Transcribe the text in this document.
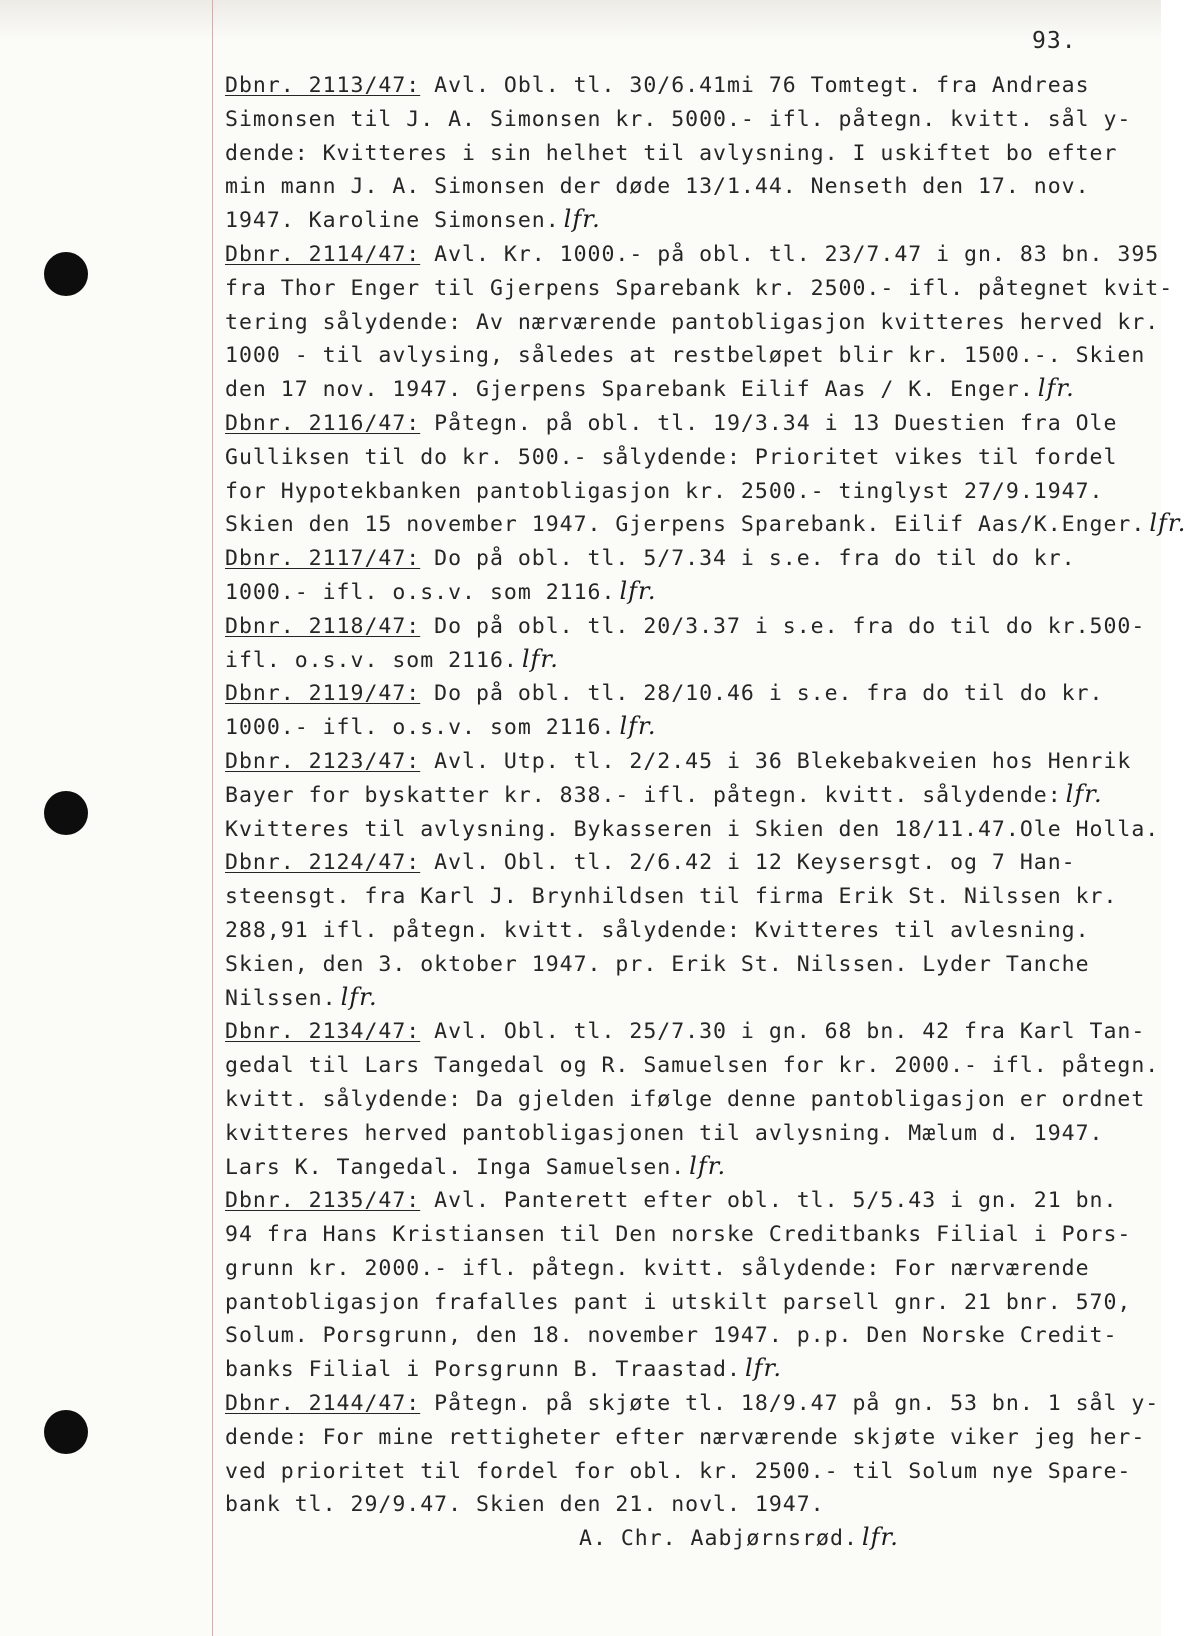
93.
Dbnr. 2113/47: Avl. Obl. tl. 30/6.41mi 76 Tomtegt. fra Andreas
Simonsen til J. A. Simonsen kr. 5000.- ifl. påtegn. kvitt. sål y-
dende: Kvitteres i sin helhet til avlysning. I uskiftet bo efter
min mann J. A. Simonsen der døde 13/1.44. Nenseth den 17. nov.
1947. Karoline Simonsen. lfr.
Dbnr. 2114/47: Avl. Kr. 1000.- på obl. tl. 23/7.47 i gn. 83 bn. 395
fra Thor Enger til Gjerpens Sparebank kr. 2500.- ifl. påtegnet kvit-
tering sålydende: Av nærværende pantobligasjon kvitteres herved kr.
1000 - til avlysing, således at restbeløpet blir kr. 1500.-. Skien
den 17 nov. 1947. Gjerpens Sparebank Eilif Aas / K. Enger. lfr.
Dbnr. 2116/47: Påtegn. på obl. tl. 19/3.34 i 13 Duestien fra Ole
Gulliksen til do kr. 500.- sålydende: Prioritet vikes til fordel
for Hypotekbanken pantobligasjon kr. 2500.- tinglyst 27/9.1947.
Skien den 15 november 1947. Gjerpens Sparebank. Eilif Aas/K.Enger. lfr.
Dbnr. 2117/47: Do på obl. tl. 5/7.34 i s.e. fra do til do kr.
1000.- ifl. o.s.v. som 2116. lfr.
Dbnr. 2118/47: Do på obl. tl. 20/3.37 i s.e. fra do til do kr.500-
ifl. o.s.v. som 2116. lfr.
Dbnr. 2119/47: Do på obl. tl. 28/10.46 i s.e. fra do til do kr.
1000.- ifl. o.s.v. som 2116. lfr.
Dbnr. 2123/47: Avl. Utp. tl. 2/2.45 i 36 Blekebakveien hos Henrik
Bayer for byskatter kr. 838.- ifl. påtegn. kvitt. sålydende: lfr.
Kvitteres til avlysning. Bykasseren i Skien den 18/11.47.Ole Holla.
Dbnr. 2124/47: Avl. Obl. tl. 2/6.42 i 12 Keysersgt. og 7 Han-
steensgt. fra Karl J. Brynhildsen til firma Erik St. Nilssen kr.
288,91 ifl. påtegn. kvitt. sålydende: Kvitteres til avlesning.
Skien, den 3. oktober 1947. pr. Erik St. Nilssen. Lyder Tanche
Nilssen. lfr.
Dbnr. 2134/47: Avl. Obl. tl. 25/7.30 i gn. 68 bn. 42 fra Karl Tan-
gedal til Lars Tangedal og R. Samuelsen for kr. 2000.- ifl. påtegn.
kvitt. sålydende: Da gjelden ifølge denne pantobligasjon er ordnet
kvitteres herved pantobligasjonen til avlysning. Mælum d. 1947.
Lars K. Tangedal. Inga Samuelsen. lfr.
Dbnr. 2135/47: Avl. Panterett efter obl. tl. 5/5.43 i gn. 21 bn.
94 fra Hans Kristiansen til Den norske Creditbanks Filial i Pors-
grunn kr. 2000.- ifl. påtegn. kvitt. sålydende: For nærværende
pantobligasjon frafalles pant i utskilt parsell gnr. 21 bnr. 570,
Solum. Porsgrunn, den 18. november 1947. p.p. Den Norske Credit-
banks Filial i Porsgrunn B. Traastad. lfr.
Dbnr. 2144/47: Påtegn. på skjøte tl. 18/9.47 på gn. 53 bn. 1 sål y-
dende: For mine rettigheter efter nærværende skjøte viker jeg her-
ved prioritet til fordel for obl. kr. 2500.- til Solum nye Spare-
bank tl. 29/9.47. Skien den 21. novl. 1947.
A. Chr. Aabjørnsrød. lfr.
